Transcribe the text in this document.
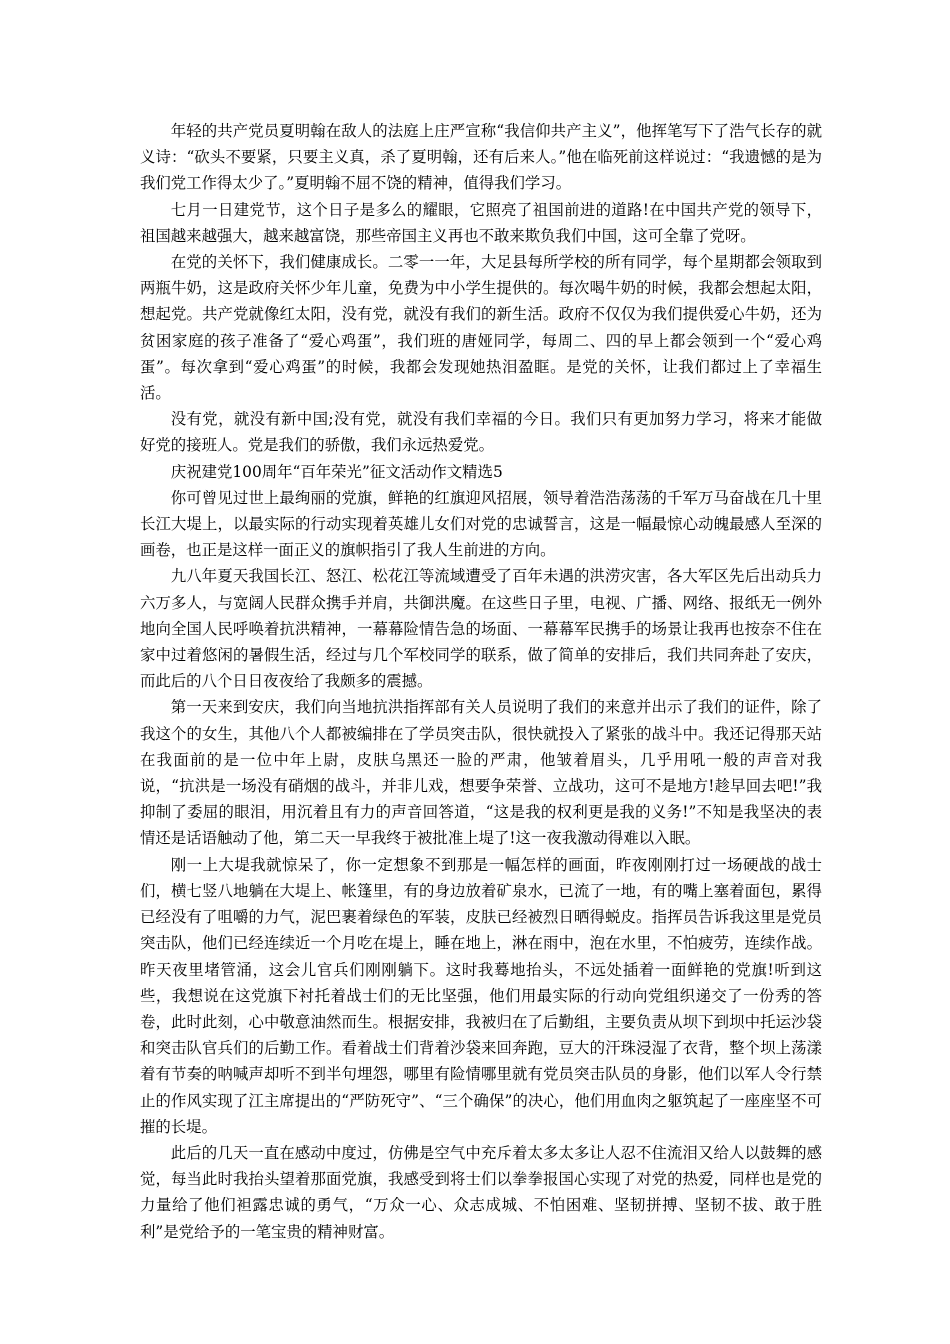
年轻的共产党员夏明翰在敌人的法庭上庄严宣称“我信仰共产主义”，他挥笔写下了浩气长存的就义诗：“砍头不要紧，只要主义真，杀了夏明翰，还有后来人。”他在临死前这样说过：“我遗憾的是为我们党工作得太少了。”夏明翰不屈不饶的精神，值得我们学习。

七月一日建党节，这个日子是多么的耀眼，它照亮了祖国前进的道路!在中国共产党的领导下，祖国越来越强大，越来越富饶，那些帝国主义再也不敢来欺负我们中国，这可全靠了党呀。

在党的关怀下，我们健康成长。二零一一年，大足县每所学校的所有同学，每个星期都会领取到两瓶牛奶，这是政府关怀少年儿童，免费为中小学生提供的。每次喝牛奶的时候，我都会想起太阳，想起党。共产党就像红太阳，没有党，就没有我们的新生活。政府不仅仅为我们提供爱心牛奶，还为贫困家庭的孩子准备了“爱心鸡蛋”，我们班的唐娅同学，每周二、四的早上都会领到一个“爱心鸡蛋”。每次拿到“爱心鸡蛋”的时候，我都会发现她热泪盈眶。是党的关怀，让我们都过上了幸福生活。

没有党，就没有新中国;没有党，就没有我们幸福的今日。我们只有更加努力学习，将来才能做好党的接班人。党是我们的骄傲，我们永远热爱党。

庆祝建党100周年“百年荣光”征文活动作文精选5

你可曾见过世上最绚丽的党旗，鲜艳的红旗迎风招展，领导着浩浩荡荡的千军万马奋战在几十里长江大堤上，以最实际的行动实现着英雄儿女们对党的忠诚誓言，这是一幅最惊心动魄最感人至深的画卷，也正是这样一面正义的旗帜指引了我人生前进的方向。

九八年夏天我国长江、怒江、松花江等流域遭受了百年未遇的洪涝灾害，各大军区先后出动兵力六万多人，与宽阔人民群众携手并肩，共御洪魔。在这些日子里，电视、广播、网络、报纸无一例外地向全国人民呼唤着抗洪精神，一幕幕险情告急的场面、一幕幕军民携手的场景让我再也按奈不住在家中过着悠闲的暑假生活，经过与几个军校同学的联系，做了简单的安排后，我们共同奔赴了安庆，而此后的八个日日夜夜给了我颇多的震撼。

第一天来到安庆，我们向当地抗洪指挥部有关人员说明了我们的来意并出示了我们的证件，除了我这个的女生，其他八个人都被编排在了学员突击队，很快就投入了紧张的战斗中。我还记得那天站在我面前的是一位中年上尉，皮肤乌黑还一脸的严肃，他皱着眉头，几乎用吼一般的声音对我说，“抗洪是一场没有硝烟的战斗，并非儿戏，想要争荣誉、立战功，这可不是地方!趁早回去吧!”我抑制了委屈的眼泪，用沉着且有力的声音回答道，“这是我的权利更是我的义务!”不知是我坚决的表情还是话语触动了他，第二天一早我终于被批准上堤了!这一夜我激动得难以入眠。

刚一上大堤我就惊呆了，你一定想象不到那是一幅怎样的画面，昨夜刚刚打过一场硬战的战士们，横七竖八地躺在大堤上、帐篷里，有的身边放着矿泉水，已流了一地，有的嘴上塞着面包，累得已经没有了咀嚼的力气，泥巴裹着绿色的军装，皮肤已经被烈日晒得蜕皮。指挥员告诉我这里是党员突击队，他们已经连续近一个月吃在堤上，睡在地上，淋在雨中，泡在水里，不怕疲劳，连续作战。昨天夜里堵管涌，这会儿官兵们刚刚躺下。这时我蓦地抬头，不远处插着一面鲜艳的党旗!听到这些，我想说在这党旗下衬托着战士们的无比坚强，他们用最实际的行动向党组织递交了一份秀的答卷，此时此刻，心中敬意油然而生。根据安排，我被归在了后勤组，主要负责从坝下到坝中托运沙袋和突击队官兵们的后勤工作。看着战士们背着沙袋来回奔跑，豆大的汗珠浸湿了衣背，整个坝上荡漾着有节奏的呐喊声却听不到半句埋怨，哪里有险情哪里就有党员突击队员的身影，他们以军人令行禁止的作风实现了江主席提出的“严防死守”、“三个确保”的决心，他们用血肉之躯筑起了一座座坚不可摧的长堤。

此后的几天一直在感动中度过，仿佛是空气中充斥着太多太多让人忍不住流泪又给人以鼓舞的感觉，每当此时我抬头望着那面党旗，我感受到将士们以拳拳报国心实现了对党的热爱，同样也是党的力量给了他们袒露忠诚的勇气，“万众一心、众志成城、不怕困难、坚韧拼搏、坚韧不拔、敢于胜利”是党给予的一笔宝贵的精神财富。
